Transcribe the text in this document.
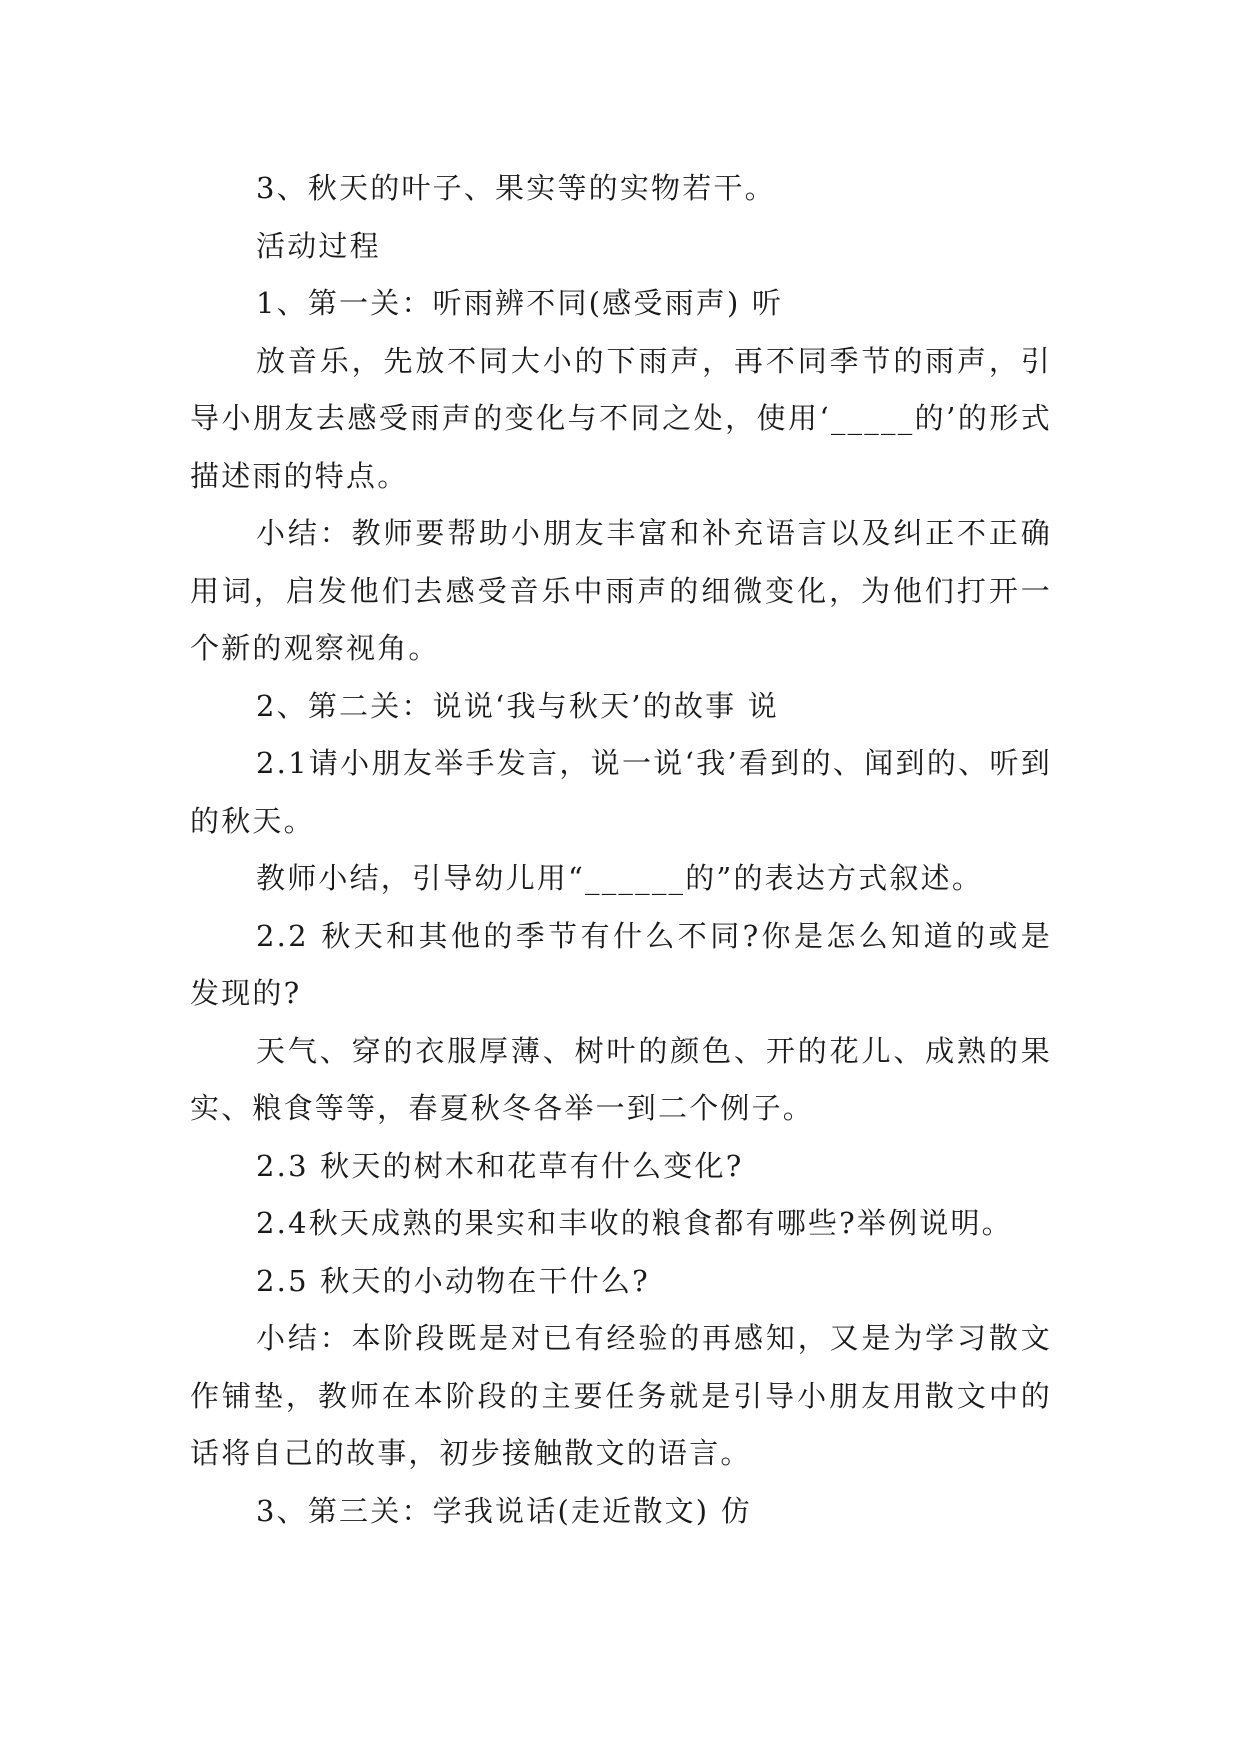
3、秋天的叶子、果实等的实物若干。

活动过程

1、第一关：听雨辨不同(感受雨声) 听

放音乐，先放不同大小的下雨声，再不同季节的雨声，引导小朋友去感受雨声的变化与不同之处，使用‘_____的’的形式描述雨的特点。

小结：教师要帮助小朋友丰富和补充语言以及纠正不正确用词，启发他们去感受音乐中雨声的细微变化，为他们打开一个新的观察视角。

2、第二关：说说‘我与秋天’的故事 说

2.1请小朋友举手发言，说一说‘我’看到的、闻到的、听到的秋天。

教师小结，引导幼儿用“______的”的表达方式叙述。

2.2 秋天和其他的季节有什么不同?你是怎么知道的或是发现的?

天气、穿的衣服厚薄、树叶的颜色、开的花儿、成熟的果实、粮食等等，春夏秋冬各举一到二个例子。

2.3 秋天的树木和花草有什么变化?

2.4秋天成熟的果实和丰收的粮食都有哪些?举例说明。

2.5 秋天的小动物在干什么?

小结：本阶段既是对已有经验的再感知，又是为学习散文作铺垫，教师在本阶段的主要任务就是引导小朋友用散文中的话将自己的故事，初步接触散文的语言。

3、第三关：学我说话(走近散文) 仿
